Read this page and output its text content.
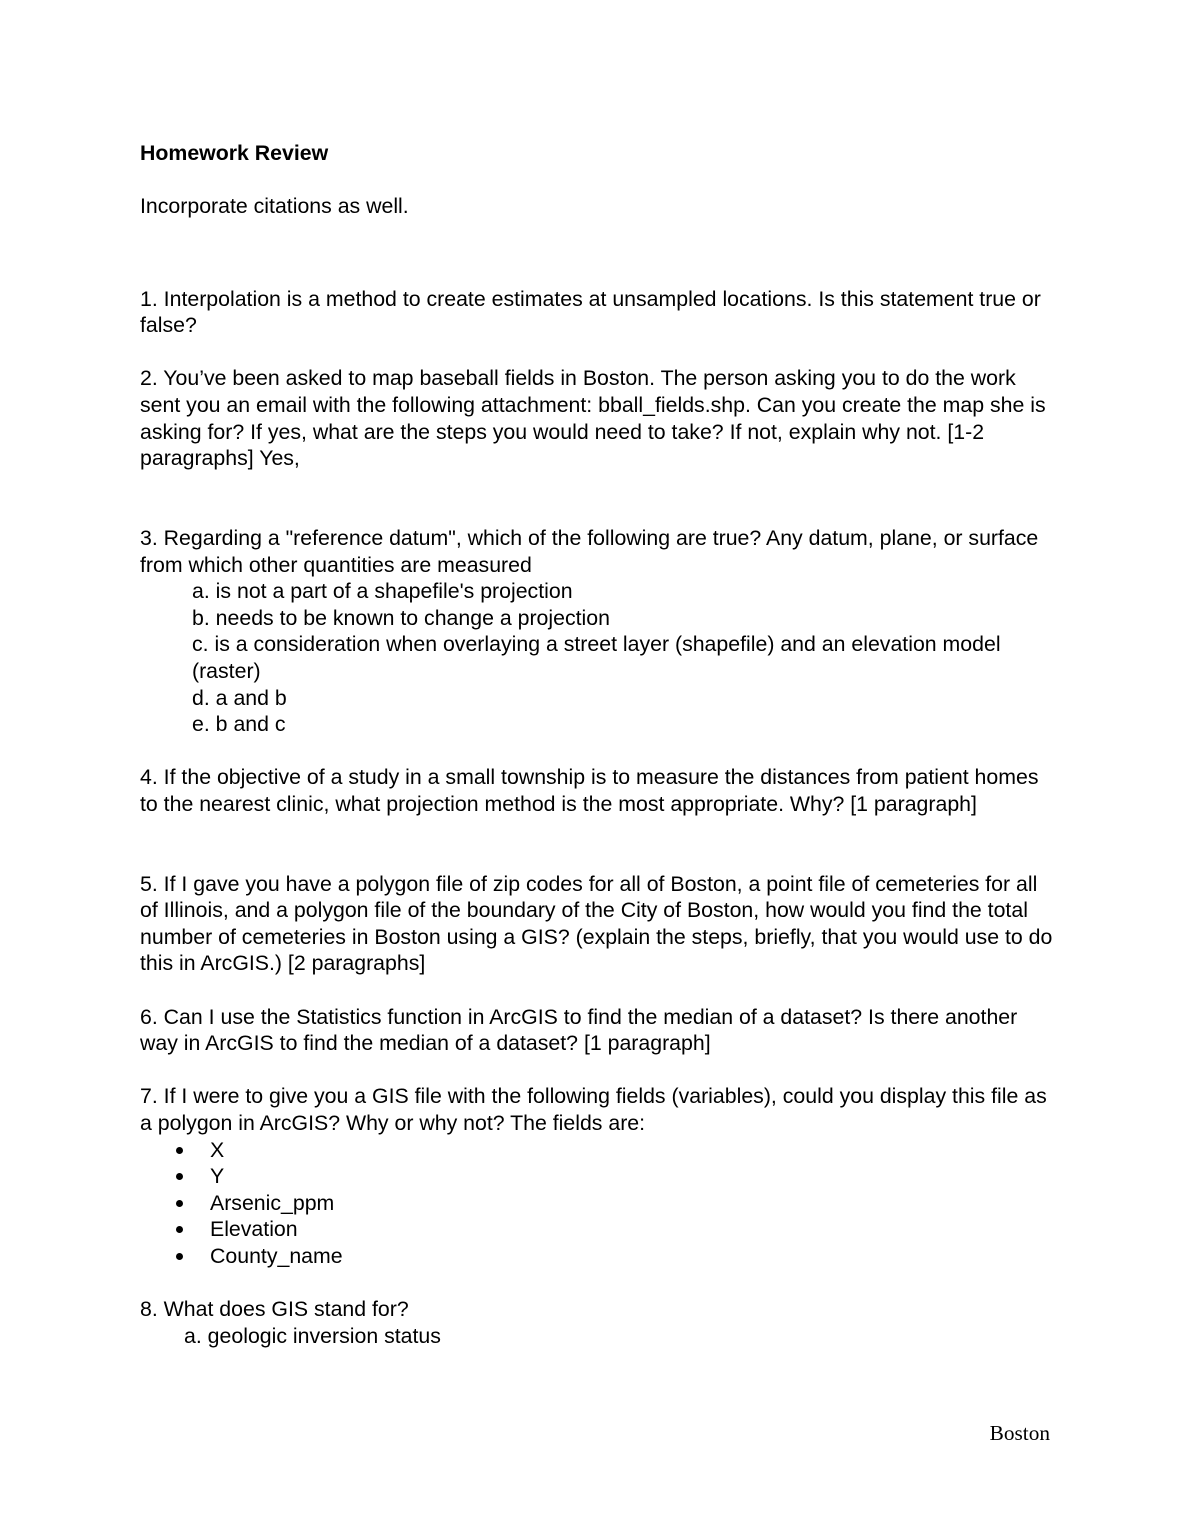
Homework Review

Incorporate citations as well.

1. Interpolation is a method to create estimates at unsampled locations. Is this statement true or false?

2. You’ve been asked to map baseball fields in Boston. The person asking you to do the work sent you an email with the following attachment: bball_fields.shp. Can you create the map she is asking for? If yes, what are the steps you would need to take? If not, explain why not. [1-2 paragraphs] Yes,

3. Regarding a "reference datum", which of the following are true? Any datum, plane, or surface from which other quantities are measured

a. is not a part of a shapefile's projection
b. needs to be known to change a projection
c. is a consideration when overlaying a street layer (shapefile) and an elevation model (raster)
d. a and b
e. b and c

4. If the objective of a study in a small township is to measure the distances from patient homes to the nearest clinic, what projection method is the most appropriate. Why? [1 paragraph]

5. If I gave you have a polygon file of zip codes for all of Boston, a point file of cemeteries for all of Illinois, and a polygon file of the boundary of the City of Boston, how would you find the total number of cemeteries in Boston using a GIS? (explain the steps, briefly, that you would use to do this in ArcGIS.) [2 paragraphs]

6. Can I use the Statistics function in ArcGIS to find the median of a dataset? Is there another way in ArcGIS to find the median of a dataset? [1 paragraph]

7. If I were to give you a GIS file with the following fields (variables), could you display this file as a polygon in ArcGIS? Why or why not? The fields are:

X
Y
Arsenic_ppm
Elevation
County_name

8. What does GIS stand for?

a. geologic inversion status
Boston
